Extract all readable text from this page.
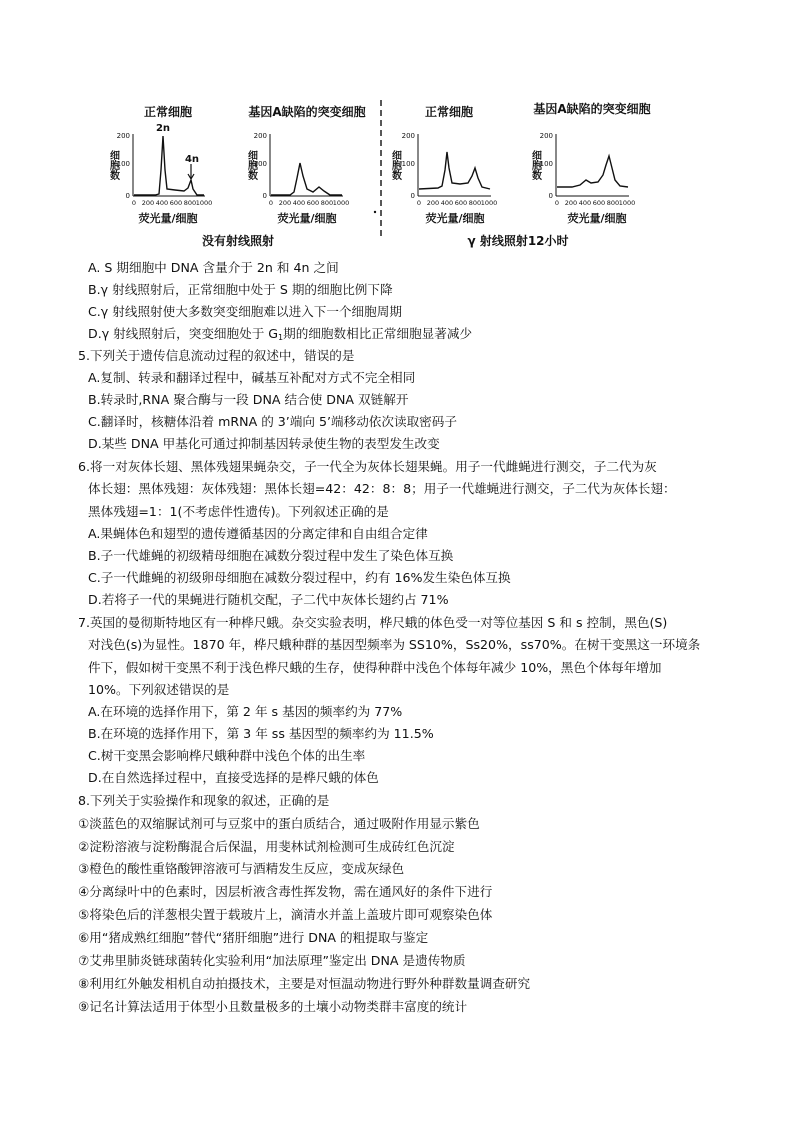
正常细胞
2n
4n
细胞数
200
100
0
0 200 400 600 800 1000
荧光量/细胞
基因A缺陷的突变细胞
细胞数
200
100
0
0 200 400 600 800 1000
荧光量/细胞
正常细胞
细胞数
200
100
0
0 200 400 600 800 1000
荧光量/细胞
基因A缺陷的突变细胞
细胞数
200
100
0
0 200 400 600 800 1000
荧光量/细胞
没有射线照射	γ 射线照射12小时
A. S 期细胞中 DNA 含量介于 2n 和 4n 之间
B.γ 射线照射后，正常细胞中处于 S 期的细胞比例下降
C.γ 射线照射使大多数突变细胞难以进入下一个细胞周期
D.γ 射线照射后，突变细胞处于 $G_1$期的细胞数相比正常细胞显著减少
5.下列关于遗传信息流动过程的叙述中，错误的是
A.复制、转录和翻译过程中，碱基互补配对方式不完全相同
B.转录时,RNA 聚合酶与一段 DNA 结合使 DNA 双链解开
C.翻译时，核糖体沿着 mRNA 的 3’端向 5’端移动依次读取密码子
D.某些 DNA 甲基化可通过抑制基因转录使生物的表型发生改变
6.将一对灰体长翅、黑体残翅果蝇杂交，子一代全为灰体长翅果蝇。用子一代雌蝇进行测交，子二代为灰
体长翅：黑体残翅：灰体残翅：黑体长翅=42：42：8：8；用子一代雄蝇进行测交，子二代为灰体长翅：
黑体残翅=1：1(不考虑伴性遗传)。下列叙述正确的是
A.果蝇体色和翅型的遗传遵循基因的分离定律和自由组合定律
B.子一代雄蝇的初级精母细胞在减数分裂过程中发生了染色体互换
C.子一代雌蝇的初级卵母细胞在减数分裂过程中，约有 16%发生染色体互换
D.若将子一代的果蝇进行随机交配，子二代中灰体长翅约占 71%
7.英国的曼彻斯特地区有一种桦尺蛾。杂交实验表明，桦尺蛾的体色受一对等位基因 S 和 s 控制，黑色(S)
对浅色(s)为显性。1870 年，桦尺蛾种群的基因型频率为 SS10%，Ss20%，ss70%。在树干变黑这一环境条
件下，假如树干变黑不利于浅色桦尺蛾的生存，使得种群中浅色个体每年减少 10%，黑色个体每年增加
10%。下列叙述错误的是
A.在环境的选择作用下，第 2 年 s 基因的频率约为 77%
B.在环境的选择作用下，第 3 年 ss 基因型的频率约为 11.5%
C.树干变黑会影响桦尺蛾种群中浅色个体的出生率
D.在自然选择过程中，直接受选择的是桦尺蛾的体色
8.下列关于实验操作和现象的叙述，正确的是
①淡蓝色的双缩脲试剂可与豆浆中的蛋白质结合，通过吸附作用显示紫色
②淀粉溶液与淀粉酶混合后保温，用斐林试剂检测可生成砖红色沉淀
③橙色的酸性重铬酸钾溶液可与酒精发生反应，变成灰绿色
④分离绿叶中的色素时，因层析液含毒性挥发物，需在通风好的条件下进行
⑤将染色后的洋葱根尖置于载玻片上，滴清水并盖上盖玻片即可观察染色体
⑥用“猪成熟红细胞”替代“猪肝细胞”进行 DNA 的粗提取与鉴定
⑦艾弗里肺炎链球菌转化实验利用“加法原理”鉴定出 DNA 是遗传物质
⑧利用红外触发相机自动拍摄技术，主要是对恒温动物进行野外种群数量调查研究
⑨记名计算法适用于体型小且数量极多的土壤小动物类群丰富度的统计
